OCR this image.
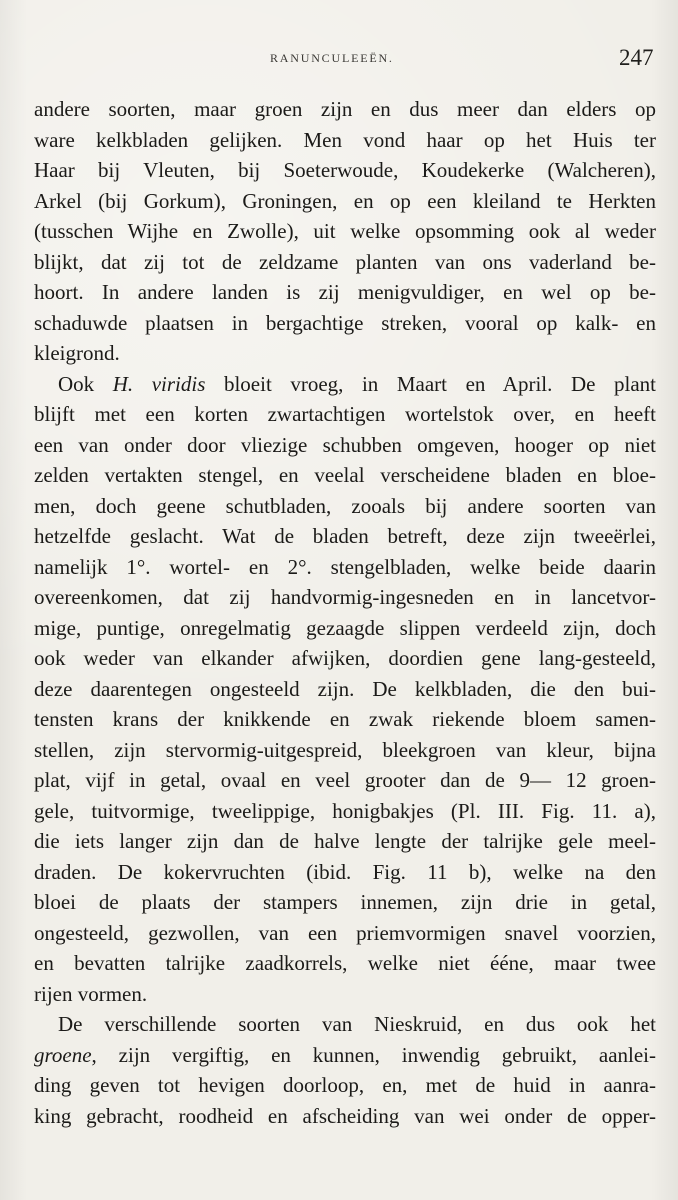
RANUNCULEEËN.	247
andere soorten, maar groen zijn en dus meer dan elders op
ware kelkbladen gelijken. Men vond haar op het Huis ter
Haar bij Vleuten, bij Soeterwoude, Koudekerke (Walcheren),
Arkel (bij Gorkum), Groningen, en op een kleiland te Herkten
(tusschen Wijhe en Zwolle), uit welke opsomming ook al weder
blijkt, dat zij tot de zeldzame planten van ons vaderland be-
hoort. In andere landen is zij menigvuldiger, en wel op be-
schaduwde plaatsen in bergachtige streken, vooral op kalk- en
kleigrond.
Ook H. viridis bloeit vroeg, in Maart en April. De plant
blijft met een korten zwartachtigen wortelstok over, en heeft
een van onder door vliezige schubben omgeven, hooger op niet
zelden vertakten stengel, en veelal verscheidene bladen en bloe-
men, doch geene schutbladen, zooals bij andere soorten van
hetzelfde geslacht. Wat de bladen betreft, deze zijn tweeërlei,
namelijk 1°. wortel- en 2°. stengelbladen, welke beide daarin
overeenkomen, dat zij handvormig-ingesneden en in lancetvor-
mige, puntige, onregelmatig gezaagde slippen verdeeld zijn, doch
ook weder van elkander afwijken, doordien gene lang-gesteeld,
deze daarentegen ongesteeld zijn. De kelkbladen, die den bui-
tensten krans der knikkende en zwak riekende bloem samen-
stellen, zijn stervormig-uitgespreid, bleekgroen van kleur, bijna
plat, vijf in getal, ovaal en veel grooter dan de 9— 12 groen-
gele, tuitvormige, tweelippige, honigbakjes (Pl. III. Fig. 11. a),
die iets langer zijn dan de halve lengte der talrijke gele meel-
draden. De kokervruchten (ibid. Fig. 11 b), welke na den
bloei de plaats der stampers innemen, zijn drie in getal,
ongesteeld, gezwollen, van een priemvormigen snavel voorzien,
en bevatten talrijke zaadkorrels, welke niet ééne, maar twee
rijen vormen.
De verschillende soorten van Nieskruid, en dus ook het
groene, zijn vergiftig, en kunnen, inwendig gebruikt, aanlei-
ding geven tot hevigen doorloop, en, met de huid in aanra-
king gebracht, roodheid en afscheiding van wei onder de opper-
